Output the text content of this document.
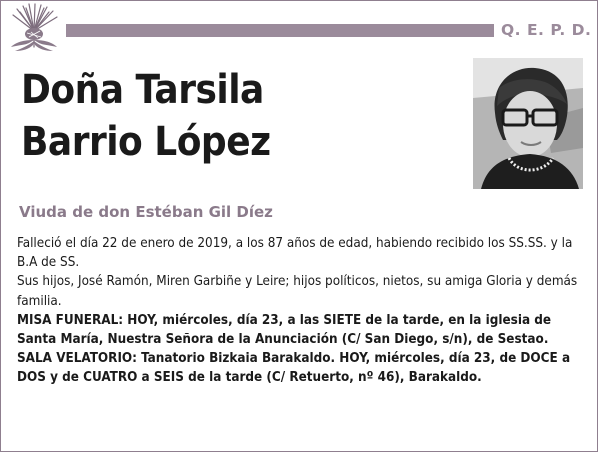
Q. E. P. D.
Doña Tarsila
Barrio López
Viuda de don Estéban Gil Díez

Falleció el día 22 de enero de 2019, a los 87 años de edad, habiendo recibido los SS.SS. y la B.A de SS.

Sus hijos, José Ramón, Miren Garbiñe y Leire; hijos políticos, nietos, su amiga Gloria y demás familia.

MISA FUNERAL: HOY, miércoles, día 23, a las SIETE de la tarde, en la iglesia de Santa María, Nuestra Señora de la Anunciación (C/ San Diego, s/n), de Sestao.

SALA VELATORIO: Tanatorio Bizkaia Barakaldo. HOY, miércoles, día 23, de DOCE a DOS y de CUATRO a SEIS de la tarde (C/ Retuerto, nº 46), Barakaldo.
